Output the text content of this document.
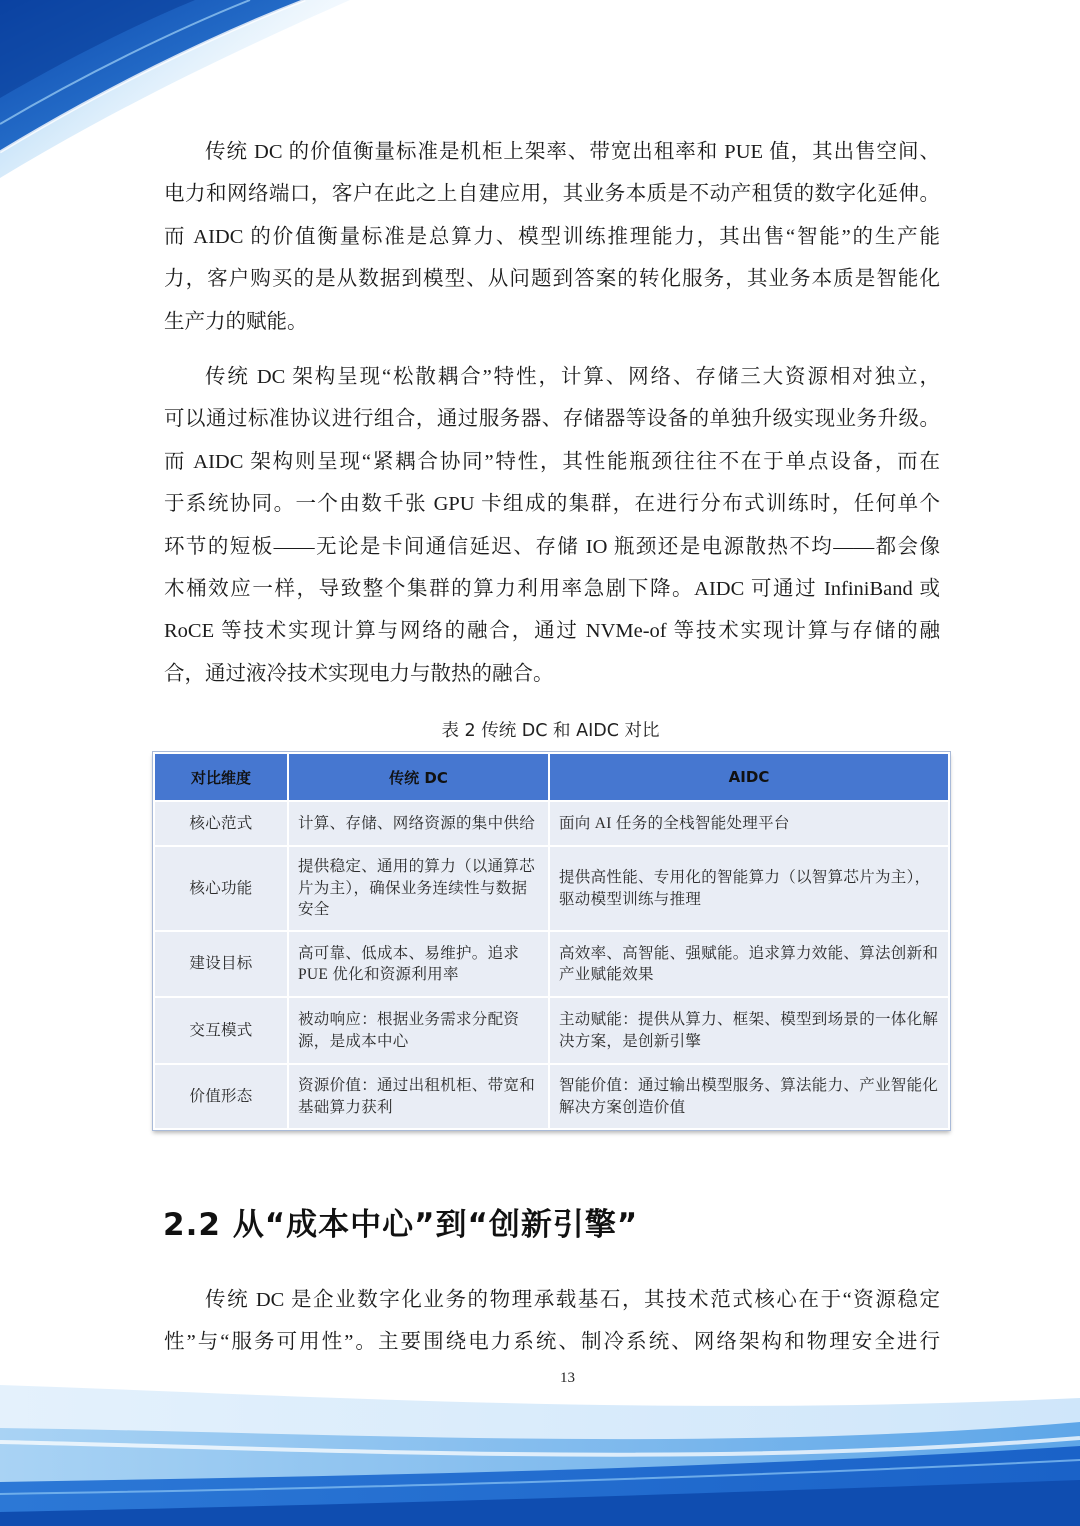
传统 DC 的价值衡量标准是机柜上架率、带宽出租率和 PUE 值，其出售空间、
电力和网络端口，客户在此之上自建应用，其业务本质是不动产租赁的数字化延伸。
而 AIDC 的价值衡量标准是总算力、模型训练推理能力，其出售“智能”的生产能
力，客户购买的是从数据到模型、从问题到答案的转化服务，其业务本质是智能化
生产力的赋能。
传统 DC 架构呈现“松散耦合”特性，计算、网络、存储三大资源相对独立，
可以通过标准协议进行组合，通过服务器、存储器等设备的单独升级实现业务升级。
而 AIDC 架构则呈现“紧耦合协同”特性，其性能瓶颈往往不在于单点设备，而在
于系统协同。一个由数千张 GPU 卡组成的集群，在进行分布式训练时，任何单个
环节的短板——无论是卡间通信延迟、存储 IO 瓶颈还是电源散热不均——都会像
木桶效应一样，导致整个集群的算力利用率急剧下降。AIDC 可通过 InfiniBand 或
RoCE 等技术实现计算与网络的融合，通过 NVMe-of 等技术实现计算与存储的融
合，通过液冷技术实现电力与散热的融合。
表 2 传统 DC 和 AIDC 对比
对比维度	传统 DC	AIDC
核心范式	计算、存储、网络资源的集中供给	面向 AI 任务的全栈智能处理平台
核心功能	提供稳定、通用的算力（以通算芯片为主），确保业务连续性与数据安全	提供高性能、专用化的智能算力（以智算芯片为主），驱动模型训练与推理
建设目标	高可靠、低成本、易维护。追求 PUE 优化和资源利用率	高效率、高智能、强赋能。追求算力效能、算法创新和产业赋能效果
交互模式	被动响应：根据业务需求分配资源，是成本中心	主动赋能：提供从算力、框架、模型到场景的一体化解决方案，是创新引擎
价值形态	资源价值：通过出租机柜、带宽和基础算力获利	智能价值：通过输出模型服务、算法能力、产业智能化解决方案创造价值
2.2 从“成本中心”到“创新引擎”
传统 DC 是企业数字化业务的物理承载基石，其技术范式核心在于“资源稳定
性”与“服务可用性”。主要围绕电力系统、制冷系统、网络架构和物理安全进行
13
